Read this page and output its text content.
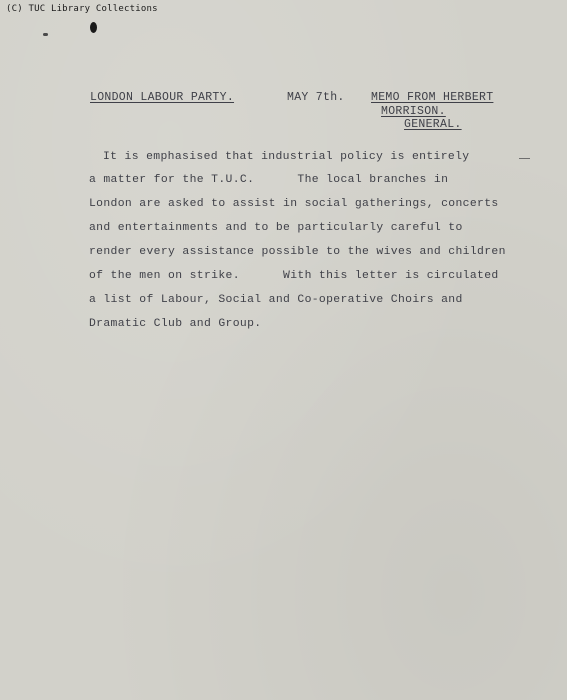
(C) TUC Library Collections
LONDON LABOUR PARTY.	MAY 7th. MEMO FROM HERBERT
MORRISON.
GENERAL.
It is emphasised that industrial policy is entirely
a matter for the T.U.C.      The local branches in
London are asked to assist in social gatherings, concerts
and entertainments and to be particularly careful to
render every assistance possible to the wives and children
of the men on strike.      With this letter is circulated
a list of Labour, Social and Co-operative Choirs and
Dramatic Club and Group.
